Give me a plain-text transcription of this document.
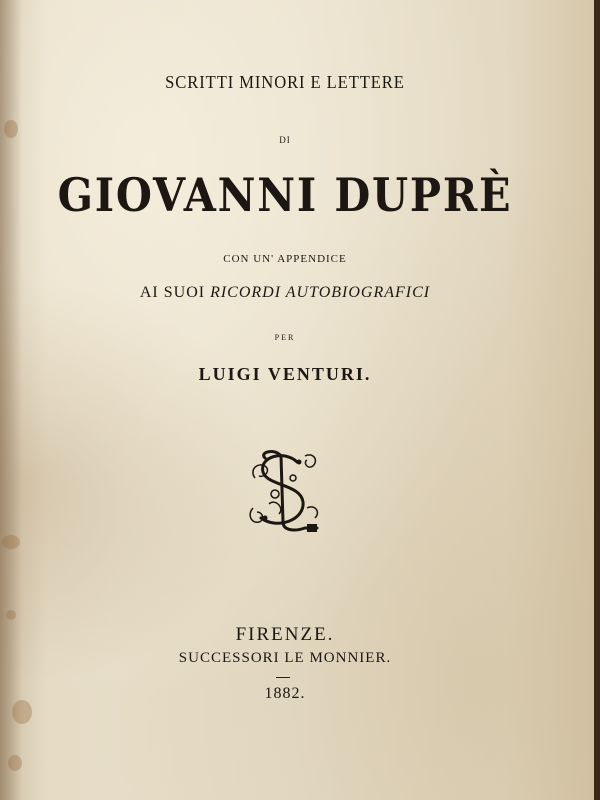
SCRITTI MINORI E LETTERE

DI

GIOVANNI DUPRÈ

CON UN' APPENDICE

AI SUOI RICORDI AUTOBIOGRAFICI

PER

LUIGI VENTURI.

FIRENZE.

SUCCESSORI LE MONNIER.

1882.
